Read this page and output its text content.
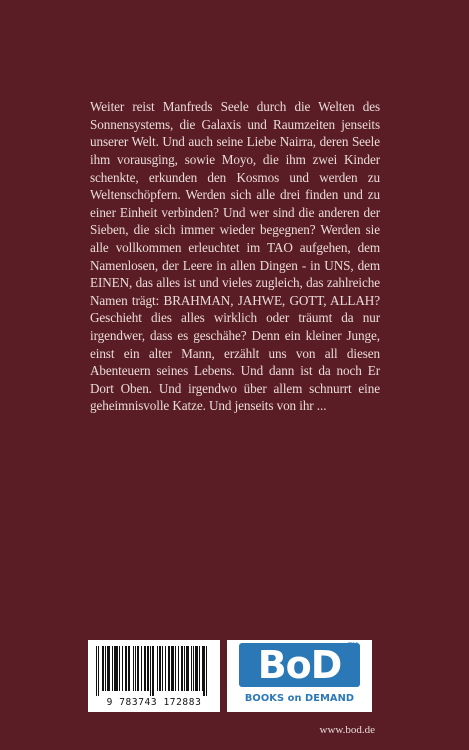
Weiter reist Manfreds Seele durch die Welten des Sonnensystems, die Galaxis und Raumzeiten jenseits unserer Welt. Und auch seine Liebe Nairra, deren Seele ihm vorausging, sowie Moyo, die ihm zwei Kinder schenkte, erkunden den Kosmos und werden zu Weltenschöpfern. Werden sich alle drei finden und zu einer Einheit verbinden? Und wer sind die anderen der Sieben, die sich immer wieder begegnen? Werden sie alle vollkommen erleuchtet im TAO aufgehen, dem Namenlosen, der Leere in allen Dingen - in UNS, dem EINEN, das alles ist und vieles zugleich, das zahlreiche Namen trägt: BRAHMAN, JAHWE, GOTT, ALLAH? Geschieht dies alles wirklich oder träumt da nur irgendwer, dass es geschähe? Denn ein kleiner Junge, einst ein alter Mann, erzählt uns von all diesen Abenteuern seines Lebens. Und dann ist da noch Er Dort Oben. Und irgendwo über allem schnurrt eine geheimnisvolle Katze. Und jenseits von ihr ...

9 783743 172883
BoD	TM
BOOKS on DEMAND
www.bod.de
